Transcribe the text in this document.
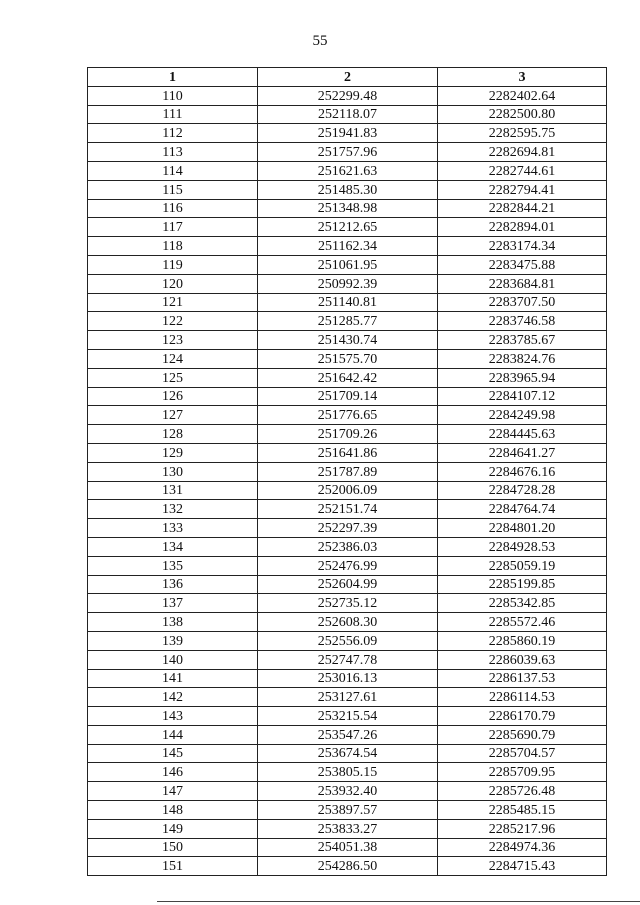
55
1	2	3
110	252299.48	2282402.64
111	252118.07	2282500.80
112	251941.83	2282595.75
113	251757.96	2282694.81
114	251621.63	2282744.61
115	251485.30	2282794.41
116	251348.98	2282844.21
117	251212.65	2282894.01
118	251162.34	2283174.34
119	251061.95	2283475.88
120	250992.39	2283684.81
121	251140.81	2283707.50
122	251285.77	2283746.58
123	251430.74	2283785.67
124	251575.70	2283824.76
125	251642.42	2283965.94
126	251709.14	2284107.12
127	251776.65	2284249.98
128	251709.26	2284445.63
129	251641.86	2284641.27
130	251787.89	2284676.16
131	252006.09	2284728.28
132	252151.74	2284764.74
133	252297.39	2284801.20
134	252386.03	2284928.53
135	252476.99	2285059.19
136	252604.99	2285199.85
137	252735.12	2285342.85
138	252608.30	2285572.46
139	252556.09	2285860.19
140	252747.78	2286039.63
141	253016.13	2286137.53
142	253127.61	2286114.53
143	253215.54	2286170.79
144	253547.26	2285690.79
145	253674.54	2285704.57
146	253805.15	2285709.95
147	253932.40	2285726.48
148	253897.57	2285485.15
149	253833.27	2285217.96
150	254051.38	2284974.36
151	254286.50	2284715.43
